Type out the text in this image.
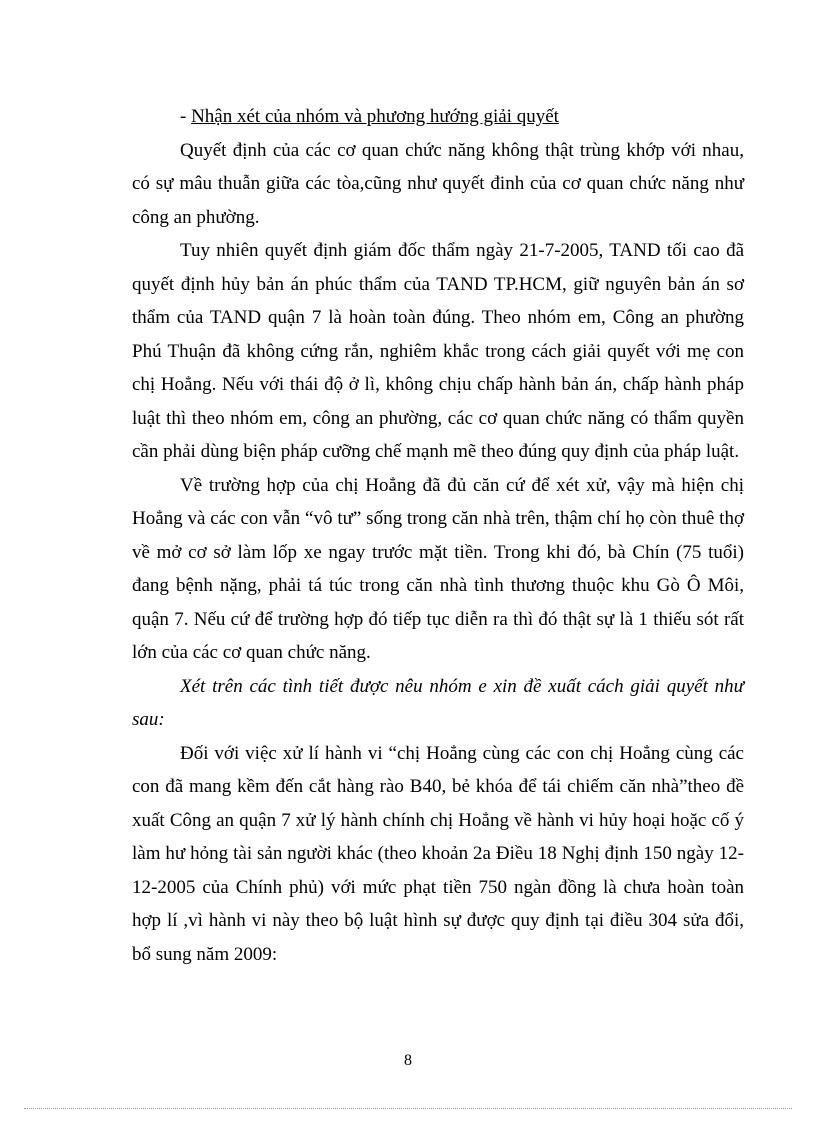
- Nhận xét của nhóm và phương hướng giải quyết

Quyết định của các cơ quan chức năng không thật trùng khớp với nhau, có sự mâu thuẫn giữa các tòa,cũng như quyết đinh của cơ quan chức năng như công an phường.

Tuy nhiên quyết định giám đốc thẩm ngày 21-7-2005, TAND tối cao đã quyết định hủy bản án phúc thẩm của TAND TP.HCM, giữ nguyên bản án sơ thẩm của TAND quận 7 là hoàn toàn đúng. Theo nhóm em, Công an phường Phú Thuận đã không cứng rắn, nghiêm khắc trong cách giải quyết với mẹ con chị Hoẳng. Nếu với thái độ ở lì, không chịu chấp hành bản án, chấp hành pháp luật thì theo nhóm em, công an phường, các cơ quan chức năng có thẩm quyền cần phải dùng biện pháp cưỡng chế mạnh mẽ theo đúng quy định của pháp luật.

Về trường hợp của chị Hoẳng đã đủ căn cứ để xét xử, vậy mà hiện chị Hoẳng và các con vẫn “vô tư” sống trong căn nhà trên, thậm chí họ còn thuê thợ về mở cơ sở làm lốp xe ngay trước mặt tiền. Trong khi đó, bà Chín (75 tuổi) đang bệnh nặng, phải tá túc trong căn nhà tình thương thuộc khu Gò Ô Môi, quận 7. Nếu cứ để trường hợp đó tiếp tục diễn ra thì đó thật sự là 1 thiếu sót rất lớn của các cơ quan chức năng.

Xét trên các tình tiết được nêu nhóm e xin đề xuất cách giải quyết như sau:

Đối với việc xử lí hành vi “chị Hoẳng cùng các con chị Hoẳng cùng các con đã mang kềm đến cắt hàng rào B40, bẻ khóa để tái chiếm căn nhà”theo đề xuất Công an quận 7 xử lý hành chính chị Hoẳng về hành vi hủy hoại hoặc cố ý làm hư hỏng tài sản người khác (theo khoản 2a Điều 18 Nghị định 150 ngày 12-12-2005 của Chính phủ) với mức phạt tiền 750 ngàn đồng là chưa hoàn toàn hợp lí ,vì hành vi này theo bộ luật hình sự được quy định tại điều 304 sửa đổi, bổ sung năm 2009:

8
